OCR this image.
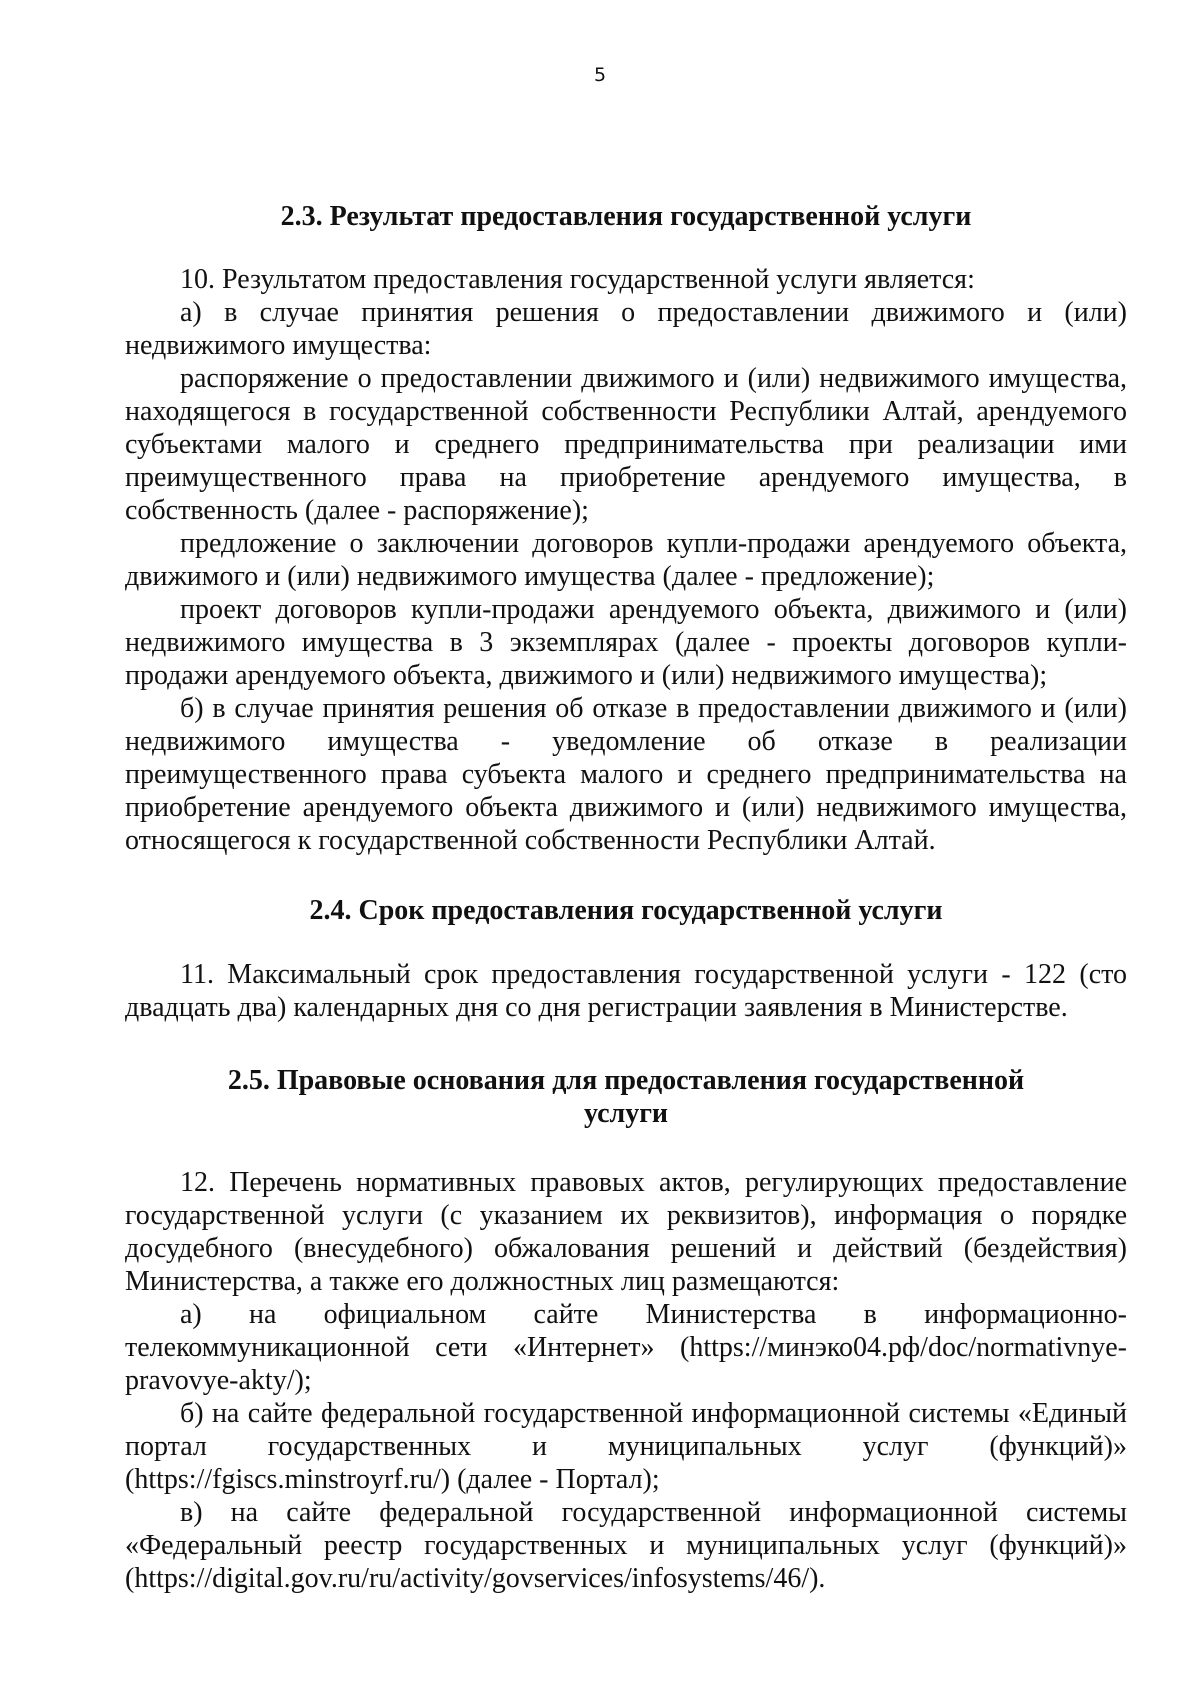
5
2.3. Результат предоставления государственной услуги

10. Результатом предоставления государственной услуги является:

а) в случае принятия решения о предоставлении движимого и (или) недвижимого имущества:

распоряжение о предоставлении движимого и (или) недвижимого имущества, находящегося в государственной собственности Республики Алтай, арендуемого субъектами малого и среднего предпринимательства при реализации ими преимущественного права на приобретение арендуемого имущества, в собственность (далее - распоряжение);

предложение о заключении договоров купли-продажи арендуемого объекта, движимого и (или) недвижимого имущества (далее - предложение);

проект договоров купли-продажи арендуемого объекта, движимого и (или) недвижимого имущества в 3 экземплярах (далее - проекты договоров купли-продажи арендуемого объекта, движимого и (или) недвижимого имущества);

б) в случае принятия решения об отказе в предоставлении движимого и (или) недвижимого имущества - уведомление об отказе в реализации преимущественного права субъекта малого и среднего предпринимательства на приобретение арендуемого объекта движимого и (или) недвижимого имущества, относящегося к государственной собственности Республики Алтай.

2.4. Срок предоставления государственной услуги

11. Максимальный срок предоставления государственной услуги - 122 (сто двадцать два) календарных дня со дня регистрации заявления в Министерстве.

2.5. Правовые основания для предоставления государственной
услуги

12. Перечень нормативных правовых актов, регулирующих предоставление государственной услуги (с указанием их реквизитов), информация о порядке досудебного (внесудебного) обжалования решений и действий (бездействия) Министерства, а также его должностных лиц размещаются:

а) на официальном сайте Министерства в информационно-телекоммуникационной сети «Интернет» (https://минэко04.рф/doc/normativnye-pravovye-akty/);

б) на сайте федеральной государственной информационной системы «Единый портал государственных и муниципальных услуг (функций)» (https://fgiscs.minstroyrf.ru/) (далее - Портал);

в) на сайте федеральной государственной информационной системы «Федеральный реестр государственных и муниципальных услуг (функций)» (https://digital.gov.ru/ru/activity/govservices/infosystems/46/).
